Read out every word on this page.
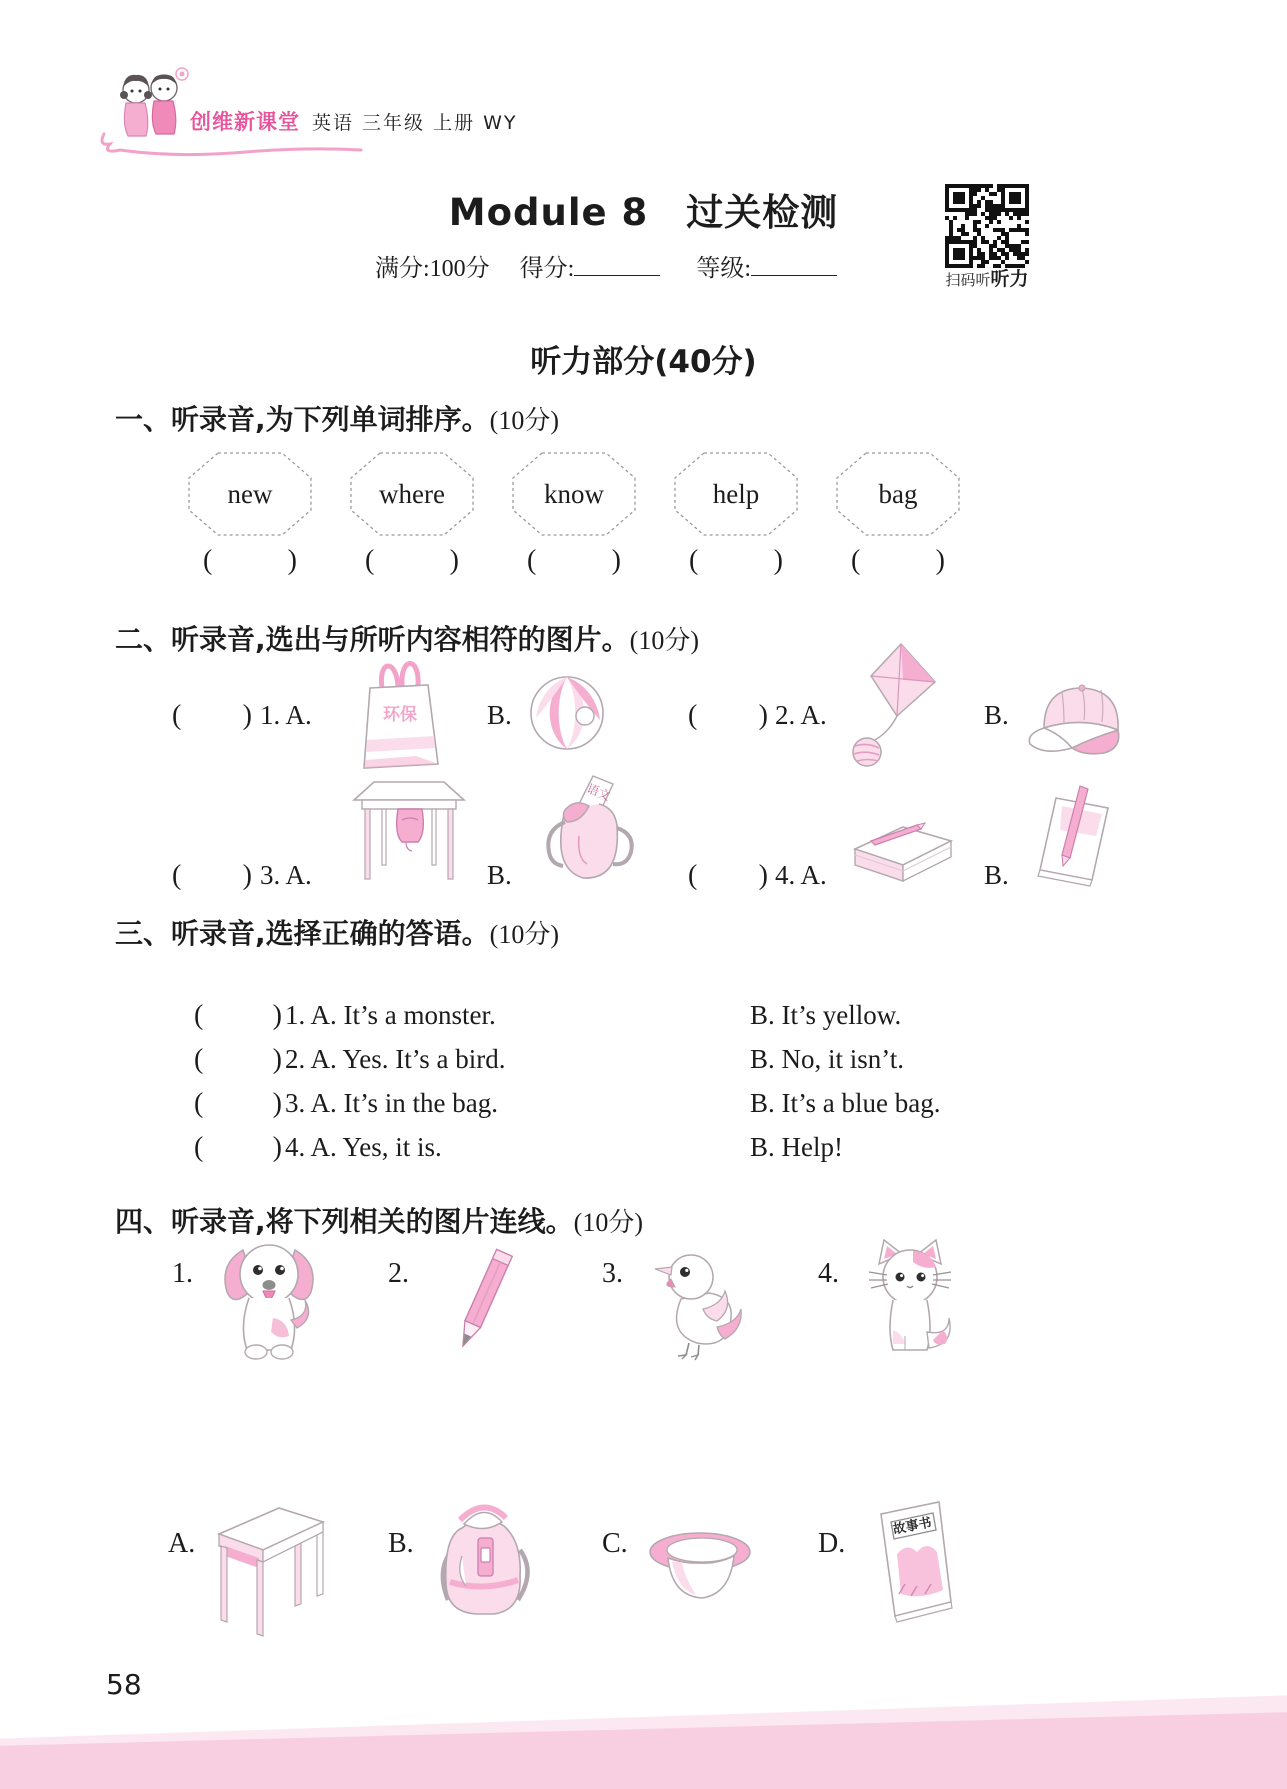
创维新课堂 英语 三年级 上册 WY
Module 8　过关检测
满分:100分 得分:	等级:	扫码听听力
听力部分(40分)
一、听录音,为下列单词排序。(10分)
new	where	know	help	bag
(	) (	) (	) (	) (	)
二、听录音,选出与所听内容相符的图片。(10分)
( ) 1. A.	环保	B.	( ) 2. A.	B.
( ) 3. A.	B.
语文
( ) 4. A.	B.
三、听录音,选择正确的答语。(10分)
( ) 1. A. It’s a monster.	B. It’s yellow.
( ) 2. A. Yes. It’s a bird.	B. No, it isn’t.
( ) 3. A. It’s in the bag.	B. It’s a blue bag.
( ) 4. A. Yes, it is.	B. Help!
四、听录音,将下列相关的图片连线。(10分)
1.	2.	3.	4.
A.	B.	C.	D.
故事书
58
